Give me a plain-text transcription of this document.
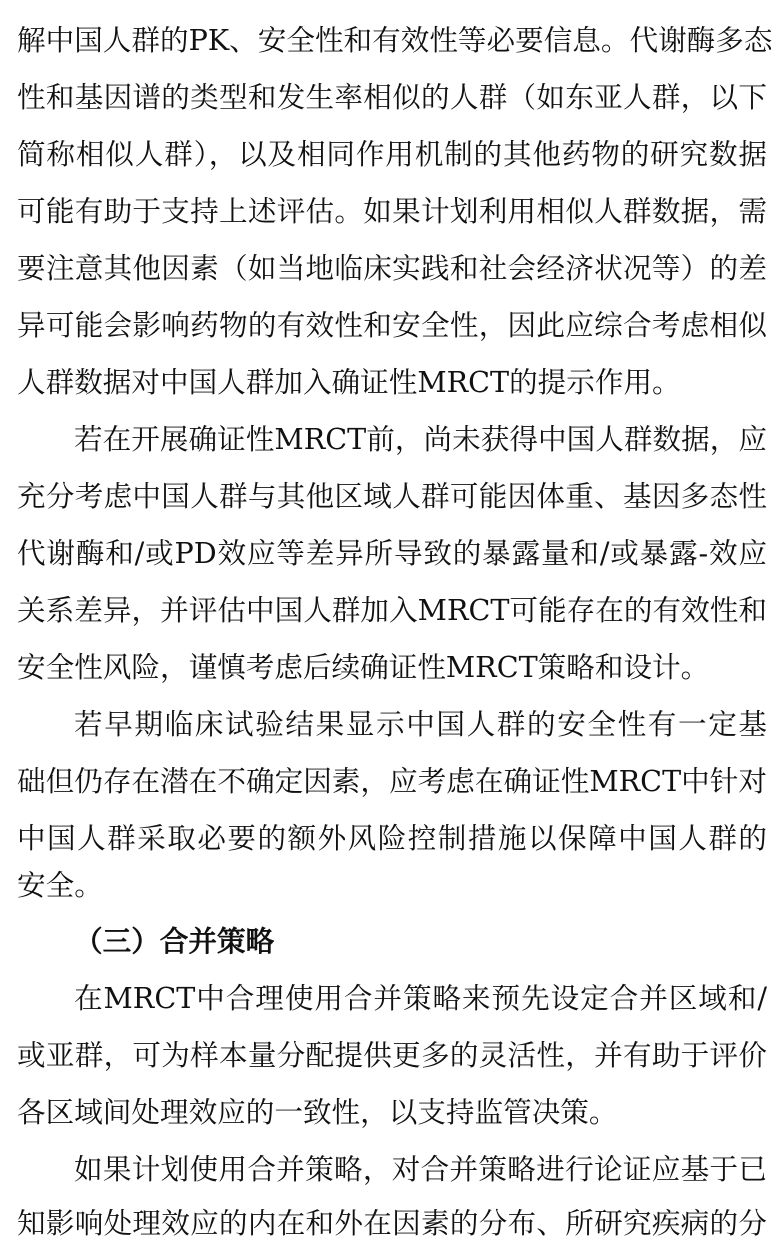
解中国人群的PK、安全性和有效性等必要信息。代谢酶多态
性和基因谱的类型和发生率相似的人群（如东亚人群，以下
简称相似人群），以及相同作用机制的其他药物的研究数据
可能有助于支持上述评估。如果计划利用相似人群数据，需
要注意其他因素（如当地临床实践和社会经济状况等）的差
异可能会影响药物的有效性和安全性，因此应综合考虑相似
人群数据对中国人群加入确证性MRCT的提示作用。
若在开展确证性MRCT前，尚未获得中国人群数据，应
充分考虑中国人群与其他区域人群可能因体重、基因多态性
代谢酶和/或PD效应等差异所导致的暴露量和/或暴露-效应
关系差异，并评估中国人群加入MRCT可能存在的有效性和
安全性风险，谨慎考虑后续确证性MRCT策略和设计。
若早期临床试验结果显示中国人群的安全性有一定基
础但仍存在潜在不确定因素，应考虑在确证性MRCT中针对
中国人群采取必要的额外风险控制措施以保障中国人群的
安全。
（三）合并策略
在MRCT中合理使用合并策略来预先设定合并区域和/
或亚群，可为样本量分配提供更多的灵活性，并有助于评价
各区域间处理效应的一致性，以支持监管决策。
如果计划使用合并策略，对合并策略进行论证应基于已
知影响处理效应的内在和外在因素的分布、所研究疾病的分
